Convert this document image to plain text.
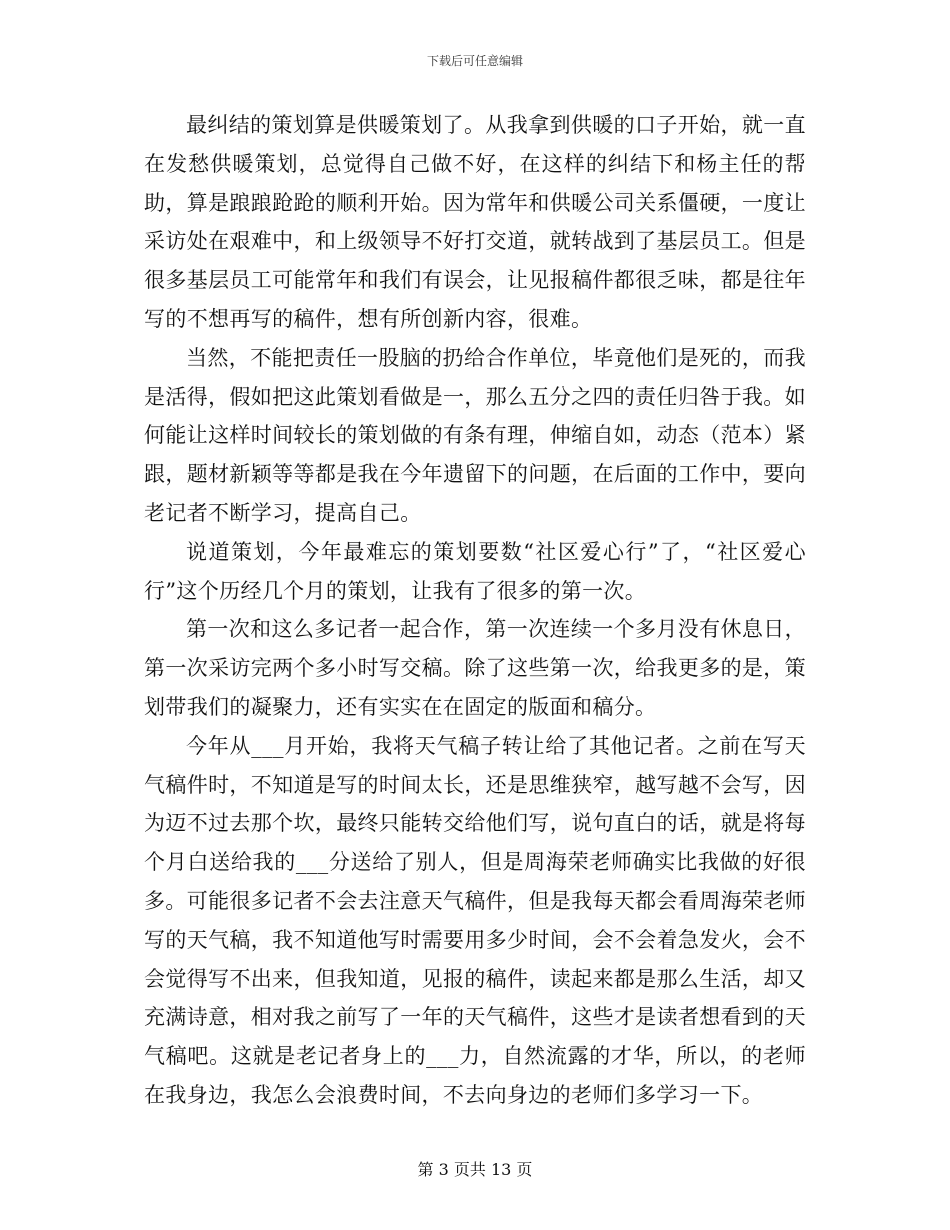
下载后可任意编辑

最纠结的策划算是供暖策划了。从我拿到供暖的口子开始，就一直在发愁供暖策划，总觉得自己做不好，在这样的纠结下和杨主任的帮助，算是踉踉跄跄的顺利开始。因为常年和供暖公司关系僵硬，一度让采访处在艰难中，和上级领导不好打交道，就转战到了基层员工。但是很多基层员工可能常年和我们有误会，让见报稿件都很乏味，都是往年写的不想再写的稿件，想有所创新内容，很难。

当然，不能把责任一股脑的扔给合作单位，毕竟他们是死的，而我是活得，假如把这此策划看做是一，那么五分之四的责任归咎于我。如何能让这样时间较长的策划做的有条有理，伸缩自如，动态（范本）紧跟，题材新颖等等都是我在今年遗留下的问题，在后面的工作中，要向老记者不断学习，提高自己。

说道策划，今年最难忘的策划要数“社区爱心行”了，“社区爱心行”这个历经几个月的策划，让我有了很多的第一次。

第一次和这么多记者一起合作，第一次连续一个多月没有休息日，第一次采访完两个多小时写交稿。除了这些第一次，给我更多的是，策划带我们的凝聚力，还有实实在在固定的版面和稿分。

今年从___月开始，我将天气稿子转让给了其他记者。之前在写天气稿件时，不知道是写的时间太长，还是思维狭窄，越写越不会写，因为迈不过去那个坎，最终只能转交给他们写，说句直白的话，就是将每个月白送给我的___分送给了别人，但是周海荣老师确实比我做的好很多。可能很多记者不会去注意天气稿件，但是我每天都会看周海荣老师写的天气稿，我不知道他写时需要用多少时间，会不会着急发火，会不会觉得写不出来，但我知道，见报的稿件，读起来都是那么生活，却又充满诗意，相对我之前写了一年的天气稿件，这些才是读者想看到的天气稿吧。这就是老记者身上的___力，自然流露的才华，所以，的老师在我身边，我怎么会浪费时间，不去向身边的老师们多学习一下。

第 3 页共 13 页
